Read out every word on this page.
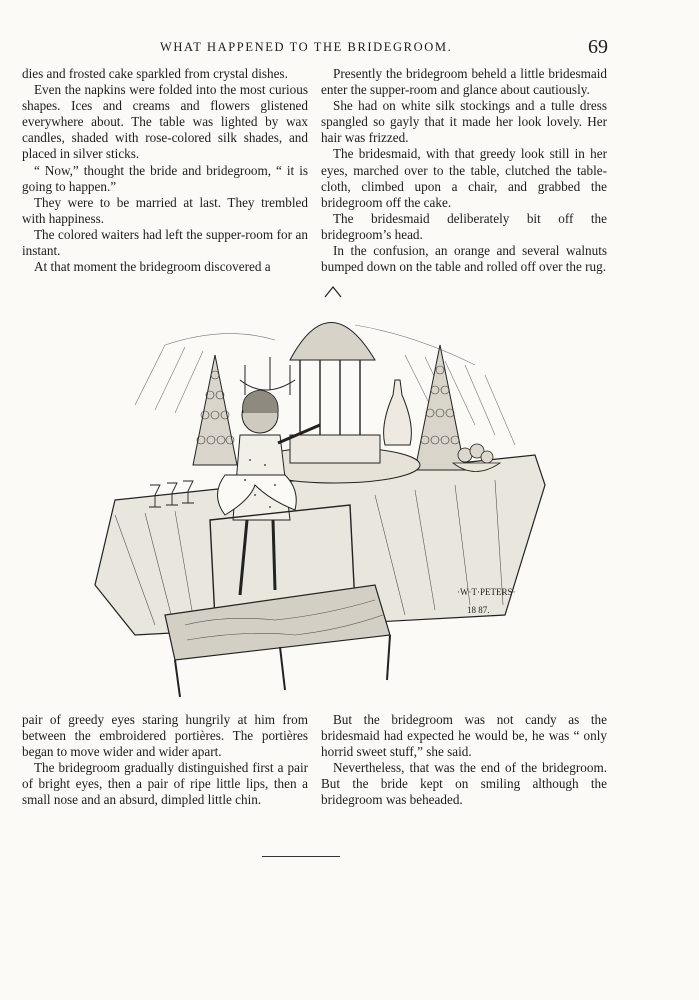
WHAT HAPPENED TO THE BRIDEGROOM.	69

dies and frosted cake sparkled from crystal dishes.

Even the napkins were folded into the most curious shapes. Ices and creams and flowers glistened everywhere about. The table was lighted by wax candles, shaded with rose-colored silk shades, and placed in silver sticks.

“ Now,” thought the bride and bridegroom, “ it is going to happen.”

They were to be married at last. They trembled with happiness.

The colored waiters had left the supper-room for an instant.

At that moment the bridegroom discovered a

Presently the bridegroom beheld a little bridesmaid enter the supper-room and glance about cautiously.

She had on white silk stockings and a tulle dress spangled so gayly that it made her look lovely. Her hair was frizzed.

The bridesmaid, with that greedy look still in her eyes, marched over to the table, clutched the table-cloth, climbed upon a chair, and grabbed the bridegroom off the cake.

The bridesmaid deliberately bit off the bridegroom’s head.

In the confusion, an orange and several walnuts bumped down on the table and rolled off over the rug.

·W·T·PETERS·
18 87.

pair of greedy eyes staring hungrily at him from between the embroidered portières. The portières began to move wider and wider apart.

The bridegroom gradually distinguished first a pair of bright eyes, then a pair of ripe little lips, then a small nose and an absurd, dimpled little chin.

But the bridegroom was not candy as the bridesmaid had expected he would be, he was “ only horrid sweet stuff,” she said.

Nevertheless, that was the end of the bridegroom. But the bride kept on smiling although the bridegroom was beheaded.
